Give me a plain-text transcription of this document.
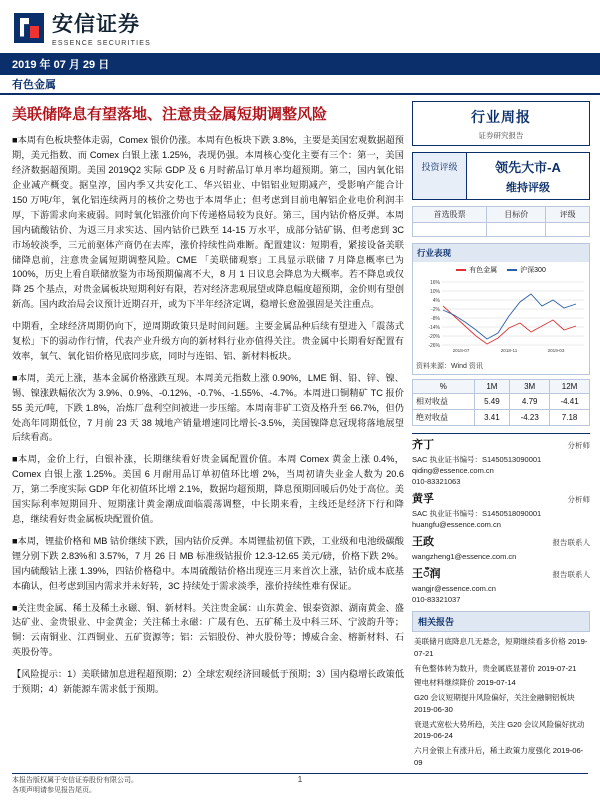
安信证券
ESSENCE SECURITIES
2019 年 07 月 29 日
有色金属
美联储降息有望落地、注意贵金属短期调整风险
■本周有色板块整体走弱，Comex 银价仍涨。本周有色板块下跌 3.8%，主要是美国宏观数据超预期，美元指数、而 Comex 白银上涨 1.25%，表现仍强。本周核心变化主要有三个：第一，美国经济数据超预期。美国 2019Q2 实际 GDP 及 6 月时薪品订单月率均超预期。第二，国内氧化铝企业减产概变。据皇淳，国内季又共安化工、华兴铝业、中铝铝业短期减产，受影响产能合计 150 万吨/年，氧化铝连续两月的核价之势也于本周华止；但考虑到目前电解铝企业电价利润丰厚，下游需求向来疲弱。同时氧化铝涨价向下传递格局较为良好。第三，国内钴价格反弹。本周国内硫酸钴价、为返三月求实达、国内钴价已跌至 14-15 万水平，成部分钴矿锅、但考虑到 3C 市场较淡季，三元前驱体产商仍在去库，涨价持续性尚难断。配置建议：短期看，紧接设备美联储降息前，注意贵金属短期调整风险。CME 「美联储观察」工具显示联储 7 月降息概率已为 100%，历史上看自联储放鉴为市场预期偏离不大，8 月 1 日议息会降息为大概率。若不降息或仅降 25 个基点，对贵金属板块短期利好有限，若对经济悲观展望或降息幅度超预期，金价则有望创新高。国内政治局会议预计近期召开，或为下半年经济定调，稳增长愈盈强固是关注重点。
中期看，全球经济周期仍向下，逆周期政策只是时间问题。主要金属品种后续有望进入「震荡式复松」下的弱动作行情，代表产业升级方向的新材料行业亦值得关注。贵金属中长期看好配置有效率，氧气、氧化铝价格见底同步底，同时与连铝、铝、新材料板块。
■本周，美元上涨，基本金属价格涨跌互现。本周美元指数上涨 0.90%，LME 铜、铅、锌、镍、锡、镍涨跌幅依次为 3.9%、0.9%、-0.12%、-0.7%、-1.55%、-4.7%。本周进口铜精矿 TC 报价 55 美元/吨，下跌 1.8%，冶炼厂盘利空间被进一步压缩。本周南非矿工资及格升至 66.7%，但仍处高年同期低位，7 月前 23 天 38 城地产销量增速同比增长-3.5%，美国镍降息冠现将落地展望后续看高。
■本周，金价上行，白银补涨，长期继续看好贵金属配置价值。本周 Comex 黄金上涨 0.4%，Comex 白银上涨 1.25%。美国 6 月耐用品订单初值环比增 2%，当周初请失业金人数为 20.6 万，第二季度实际 GDP 年化初值环比增 2.1%，数据均超预期，降息预期回暖后仍处于高位。美国实际利率短期回升、短期涨计黄金潮成面临震荡调整，中长期来看，主线还是经济下行和降息，继续看好贵金属板块配置价值。
■本周，锂盐价格和 MB 钴价继续下跌，国内钴价反弹。本周锂盐初值下跌，工业级和电池级碳酸锂分别下跌 2.83%和 3.57%，7 月 26 日 MB 标准级钴报价 12.3-12.65 美元/磅，价格下跌 2%。国内硫酸钴上涨 1.39%，四钴价格稳中。本周硫酸钴价格出现连三月来首次上涨，钴价成本底基本确认，但考虑到国内需求并未好转，3C 持续处于需求淡季，涨价持续性难有保证。
■关注贵金属、稀土及稀土永磁、铜、新材料。关注贵金属：山东黄金、银泰资源、湖南黄金、盛达矿业、金贵银业、中金黄金；关注稀土永磁：广晟有色、五矿稀土及中科三环、宁波韵升等；铜：云南铜业、江西铜业、五矿资源等；铝：云铝股份、神火股份等；博威合金、榕新材料、石英股份等。
【风险提示：1）美联储加息进程超预期；2）全球宏观经济回暖低于预期；3）国内稳增长政策低于预期；4）新能源车需求低于预期。
行业周报
证券研究报告
投资评级	领先大市-A
维持评级
首选股票	目标价	评级

行业表现
有色金属	沪深300
16%
10%
4%
-2%
-8%
-14%
-20%
-26%
2018-07	2018-11	2019-03
资料来源：Wind 资讯
%	1M	3M	12M
相对收益	5.49	4.79	-4.41
绝对收益	3.41	-4.23	7.18
齐丁	分析师
SAC 执业证书编号：S1450513090001
qiding@essence.com.cn
010-83321063
黄孚	分析师
SAC 执业证书编号：S1450518090001
huangfu@essence.com.cn
王政	报告联系人
wangzheng1@essence.com.cn
王ँ润	报告联系人
wangjr@essence.com.cn
010-83321037
相关报告
美联储月底降息几无悬念，短期继续看多价格 2019-07-21
有色整体转为数升，贵金属底显著价 2019-07-21
锂电材料继续降价 2019-07-14
G20 会议短期提升风险偏好，关注金融铜铝板块 2019-06-30
衰退式宽松大势所趋，关注 G20 会议风险偏好扰动 2019-06-24
六月金银上有涨升后，稀土政策力度强化 2019-06-09
本报告版权属于安信证券股份有限公司。
各项声明请参见报告尾页。
1
